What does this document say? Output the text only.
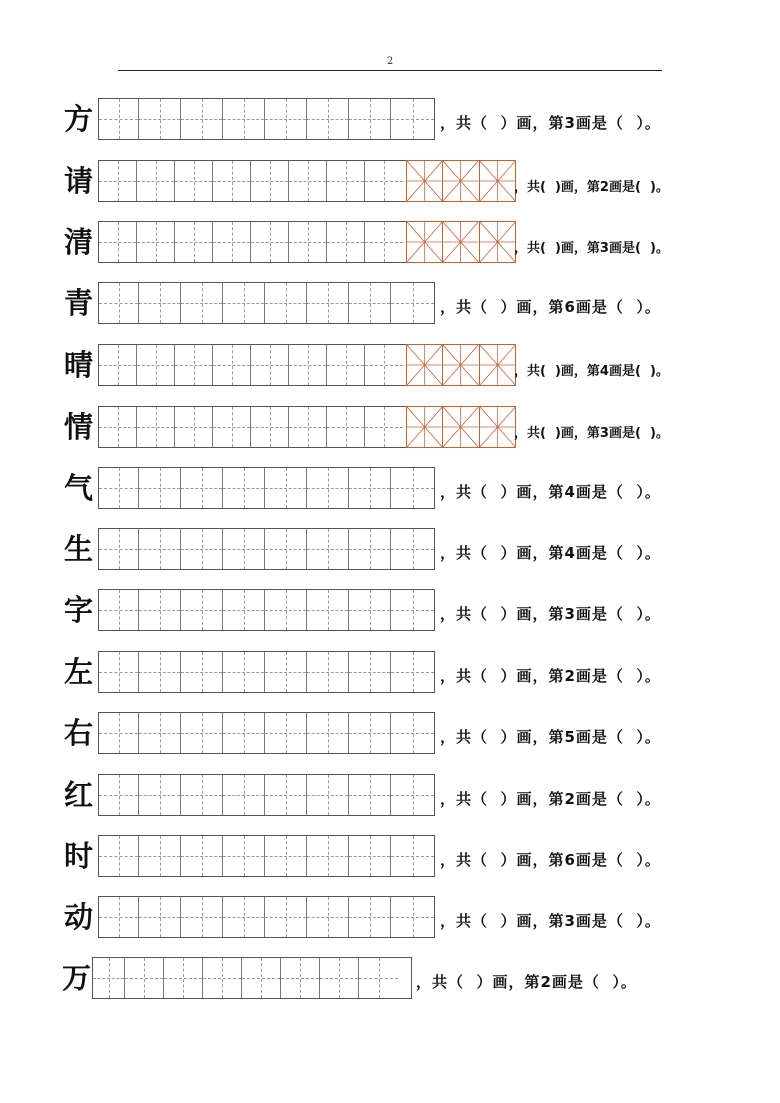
2
方	，共（  ）画，第3画是（  ）。
请	，共(  )画，第2画是(  )。
清	，共(  )画，第3画是(  )。
青	，共（  ）画，第6画是（  ）。
晴	，共(  )画，第4画是(  )。
情	，共(  )画，第3画是(  )。
气	，共（  ）画，第4画是（  ）。
生	，共（  ）画，第4画是（  ）。
字	，共（  ）画，第3画是（  ）。
左	，共（  ）画，第2画是（  ）。
右	，共（  ）画，第5画是（  ）。
红	，共（  ）画，第2画是（  ）。
时	，共（  ）画，第6画是（  ）。
动	，共（  ）画，第3画是（  ）。
万	，共（  ）画，第2画是（  ）。
